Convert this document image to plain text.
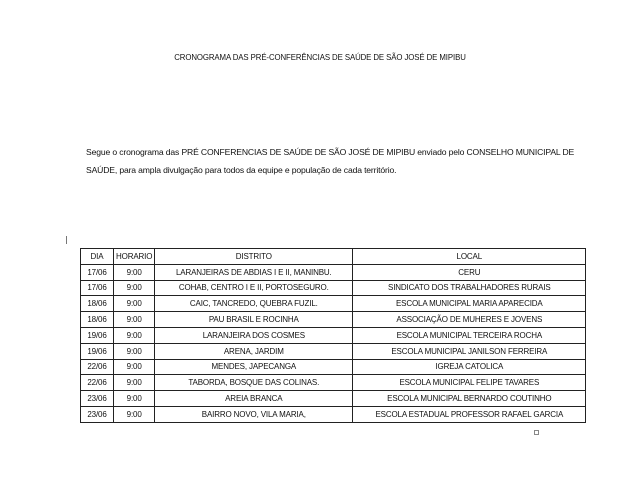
CRONOGRAMA DAS PRÉ-CONFERÊNCIAS DE SAÚDE DE SÃO JOSÉ DE MIPIBU
Segue o cronograma das PRÉ CONFERENCIAS DE SAÚDE DE SÃO JOSÉ DE MIPIBU enviado pelo CONSELHO MUNICIPAL DE SAÚDE, para ampla divulgação para todos da equipe e população de cada território.
DIA	HORARIO	DISTRITO	LOCAL
17/06	9:00	LARANJEIRAS DE ABDIAS I E II, MANINBU.	CERU
17/06	9:00	COHAB, CENTRO I E II, PORTOSEGURO.	SINDICATO DOS TRABALHADORES RURAIS
18/06	9:00	CAIC, TANCREDO, QUEBRA FUZIL.	ESCOLA MUNICIPAL MARIA APARECIDA
18/06	9:00	PAU BRASIL E ROCINHA	ASSOCIAÇÃO DE MUHERES E JOVENS
19/06	9:00	LARANJEIRA DOS COSMES	ESCOLA MUNICIPAL TERCEIRA ROCHA
19/06	9:00	ARENA, JARDIM	ESCOLA MUNICIPAL JANILSON FERREIRA
22/06	9:00	MENDES, JAPECANGA	IGREJA CATOLICA
22/06	9:00	TABORDA, BOSQUE DAS COLINAS.	ESCOLA MUNICIPAL FELIPE TAVARES
23/06	9:00	AREIA BRANCA	ESCOLA MUNICIPAL BERNARDO COUTINHO
23/06	9:00	BAIRRO NOVO, VILA MARIA,	ESCOLA ESTADUAL PROFESSOR RAFAEL GARCIA
